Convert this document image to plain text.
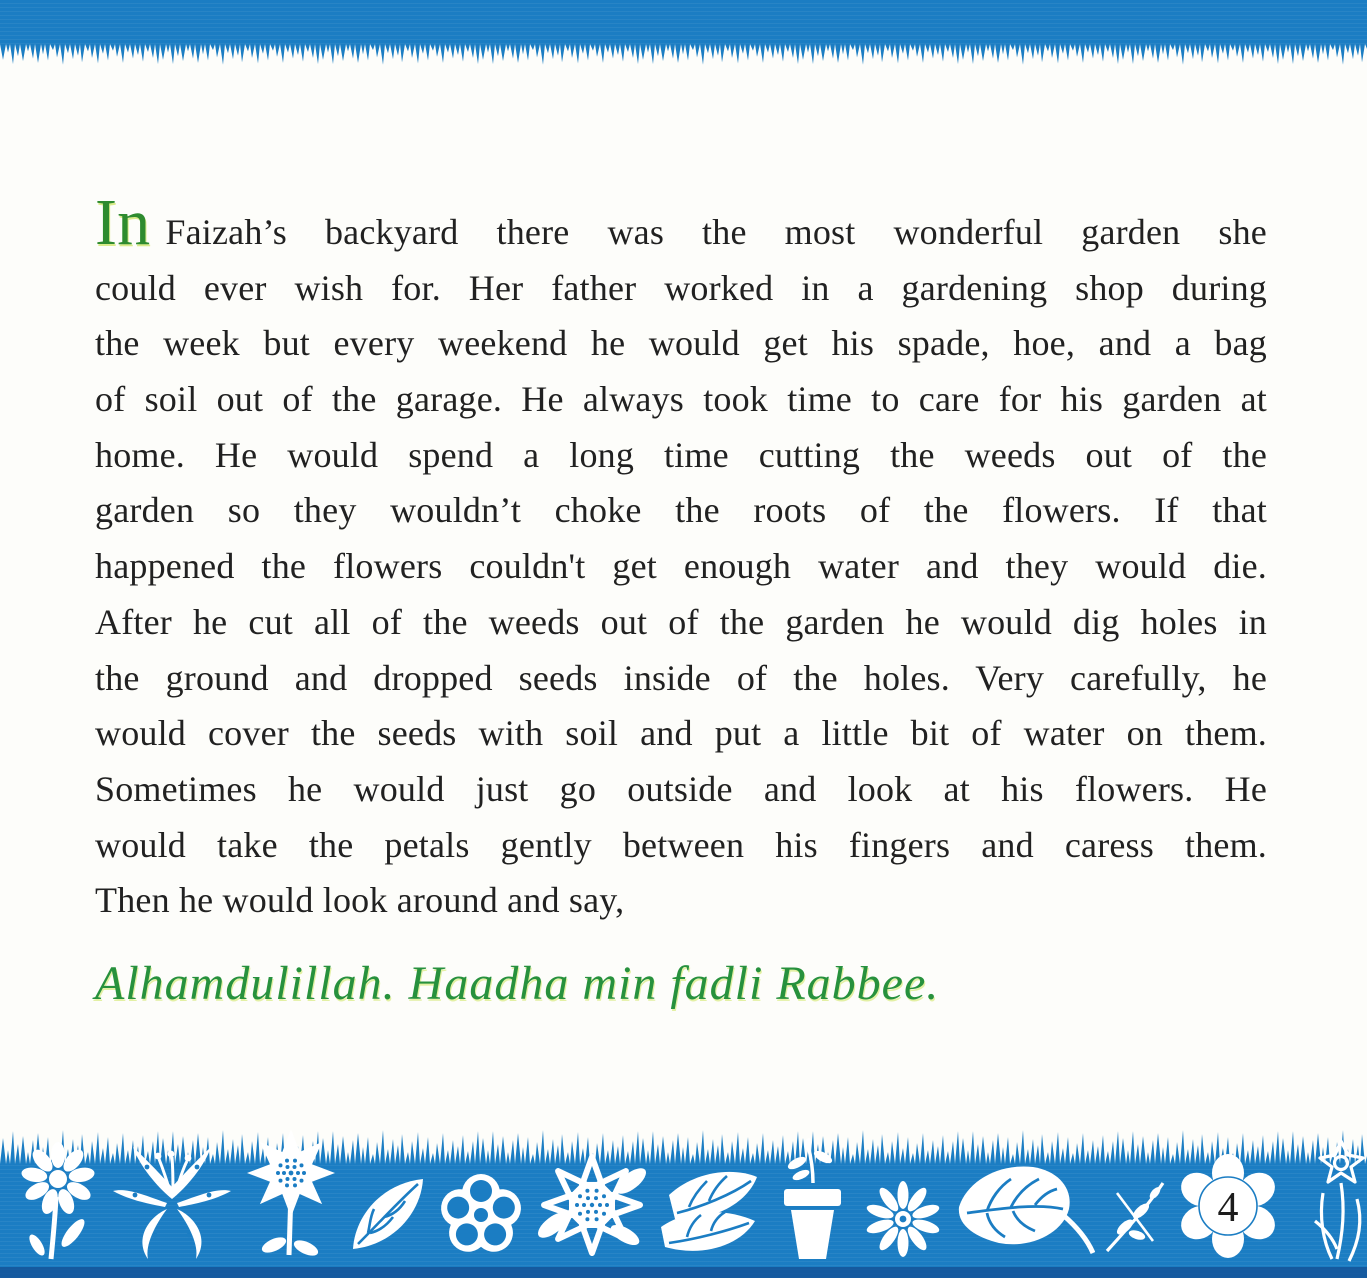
In Faizah’s backyard there was the most wonderful garden she
could ever wish for. Her father worked in a gardening shop during
the week but every weekend he would get his spade, hoe, and a bag
of soil out of the garage. He always took time to care for his garden at
home. He would spend a long time cutting the weeds out of the
garden so they wouldn’t choke the roots of the flowers. If that
happened the flowers couldn't get enough water and they would die.
After he cut all of the weeds out of the garden he would dig holes in
the ground and dropped seeds inside of the holes. Very carefully, he
would cover the seeds with soil and put a little bit of water on them.
Sometimes he would just go outside and look at his flowers. He
would take the petals gently between his fingers and caress them.
Then he would look around and say,
Alhamdulillah. Haadha min fadli Rabbee.
4
